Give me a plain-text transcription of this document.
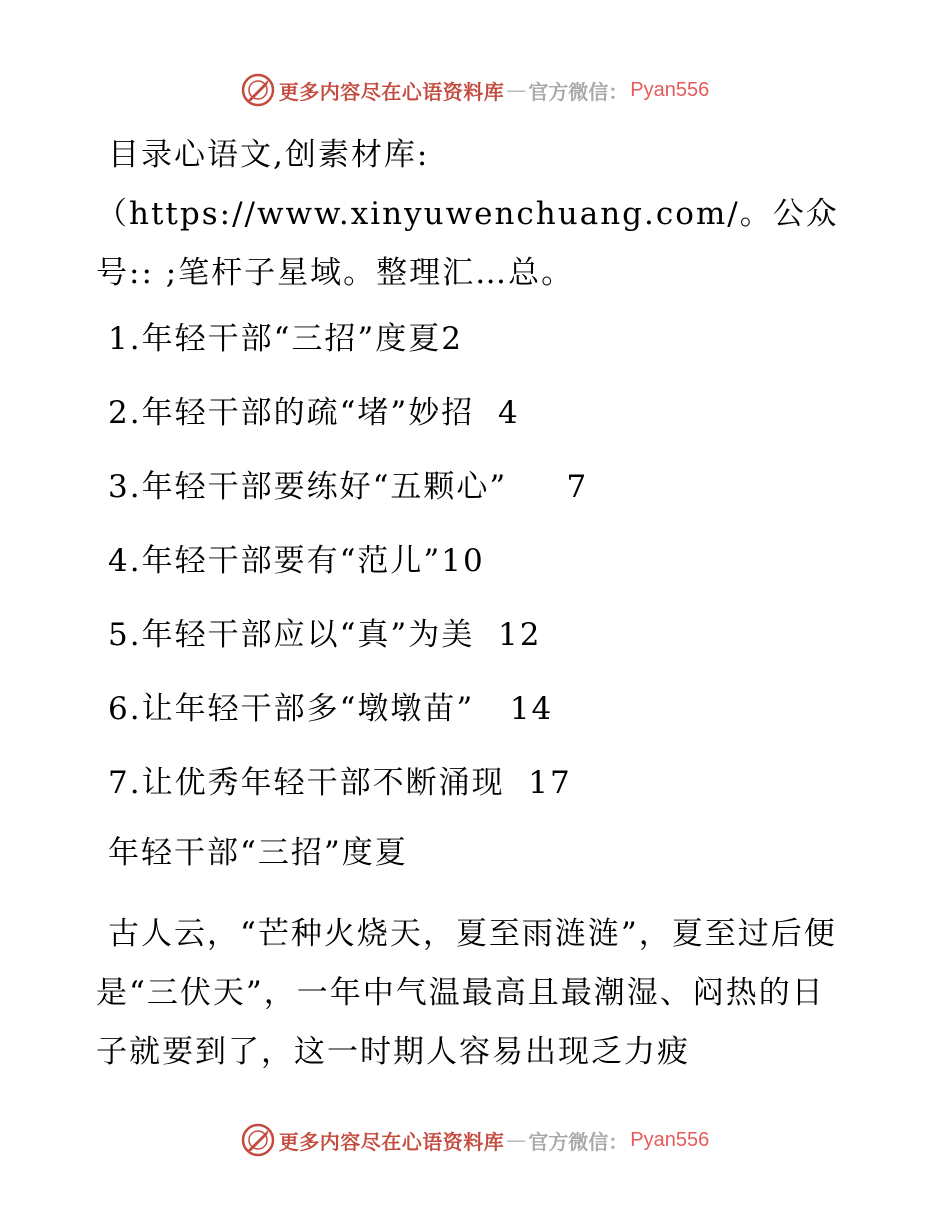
更多内容尽在心语资料库 — 官方微信： Pyan556

目录心语文,创素材库: （https://www.xinyuwenchuang.com/。公众号:: ;笔杆子星域。整理汇…总。

1.年轻干部“三招”度夏2
2.年轻干部的疏“堵”妙招  4
3.年轻干部要练好“五颗心”     7
4.年轻干部要有“范儿”10
5.年轻干部应以“真”为美  12
6.让年轻干部多“墩墩苗”   14
7.让优秀年轻干部不断涌现  17
年轻干部“三招”度夏

古人云，“芒种火烧天，夏至雨涟涟”，夏至过后便是“三伏天”，一年中气温最高且最潮湿、闷热的日子就要到了，这一时期人容易出现乏力疲

更多内容尽在心语资料库 — 官方微信： Pyan556
